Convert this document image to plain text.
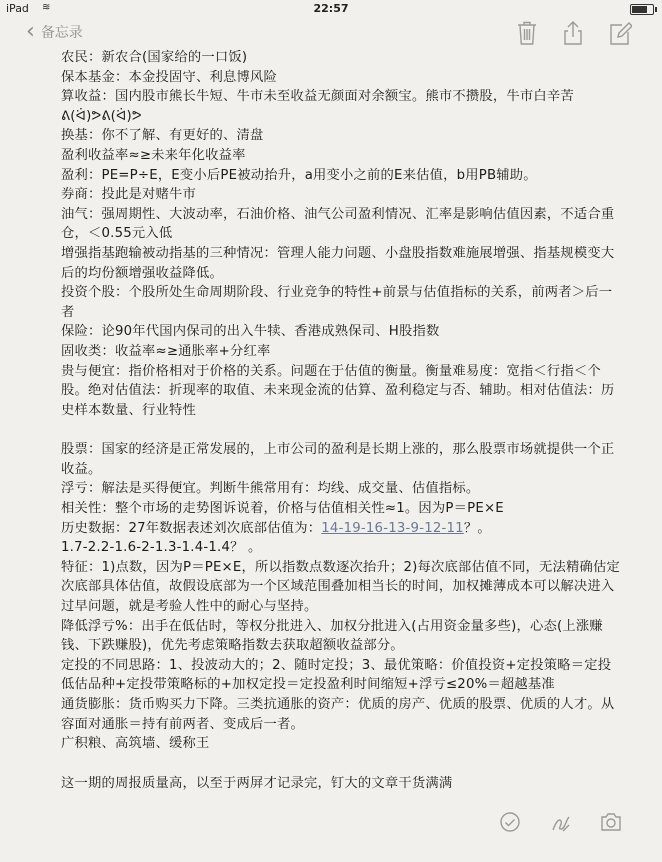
iPad ≋	22:57
‹ 备忘录

农民：新农合(国家给的一口饭)

保本基金：本金投固守、利息博风险

算收益：国内股市熊长牛短、牛市未至收益无颜面对余额宝。熊市不攒股，牛市白辛苦

ᕕ(ᐛ)ᕗᕕ(ᐛ)ᕗ

换基：你不了解、有更好的、清盘

盈利收益率≈≥未来年化收益率

盈利：PE=P÷E，E变小后PE被动抬升，a用变小之前的E来估值，b用PB辅助。

券商：投此是对赌牛市

油气：强周期性、大波动率，石油价格、油气公司盈利情况、汇率是影响估值因素，不适合重仓，＜0.55元入低

增强指基跑输被动指基的三种情况：管理人能力问题、小盘股指数难施展增强、指基规模变大后的均份额增强收益降低。

投资个股：个股所处生命周期阶段、行业竞争的特性+前景与估值指标的关系，前两者＞后一者

保险：论90年代国内保司的出入牛犊、香港成熟保司、H股指数

固收类：收益率≈≥通胀率+分红率

贵与便宜：指价格相对于价格的关系。问题在于估值的衡量。衡量难易度：宽指＜行指＜个股。绝对估值法：折现率的取值、未来现金流的估算、盈利稳定与否、辅助。相对估值法：历史样本数量、行业特性

股票：国家的经济是正常发展的，上市公司的盈利是长期上涨的，那么股票市场就提供一个正收益。

浮亏：解法是买得便宜。判断牛熊常用有：均线、成交量、估值指标。

相关性：整个市场的走势图诉说着，价格与估值相关性≈1。因为P＝PE×E

历史数据：27年数据表述刘次底部估值为：14-19-16-13-9-12-11？。

1.7-2.2-1.6-2-1.3-1.4-1.4？ 。

特征：1)点数，因为P＝PE×E，所以指数点数逐次抬升；2)每次底部估值不同，无法精确估定次底部具体估值，故假设底部为一个区域范围叠加相当长的时间，加权摊薄成本可以解决进入过早问题，就是考验人性中的耐心与坚持。

降低浮亏%：出手在低估时，等权分批进入、加权分批进入(占用资金量多些)，心态(上涨赚钱、下跌赚股)，优先考虑策略指数去获取超额收益部分。

定投的不同思路：1、投波动大的；2、随时定投；3、最优策略：价值投资+定投策略＝定投低估品种+定投带策略标的+加权定投＝定投盈利时间缩短+浮亏≤20%＝超越基准

通货膨胀：货币购买力下降。三类抗通胀的资产：优质的房产、优质的股票、优质的人才。从容面对通胀＝持有前两者、变成后一者。

广积粮、高筑墙、缓称王

这一期的周报质量高，以至于两屏才记录完，钉大的文章干货满满
